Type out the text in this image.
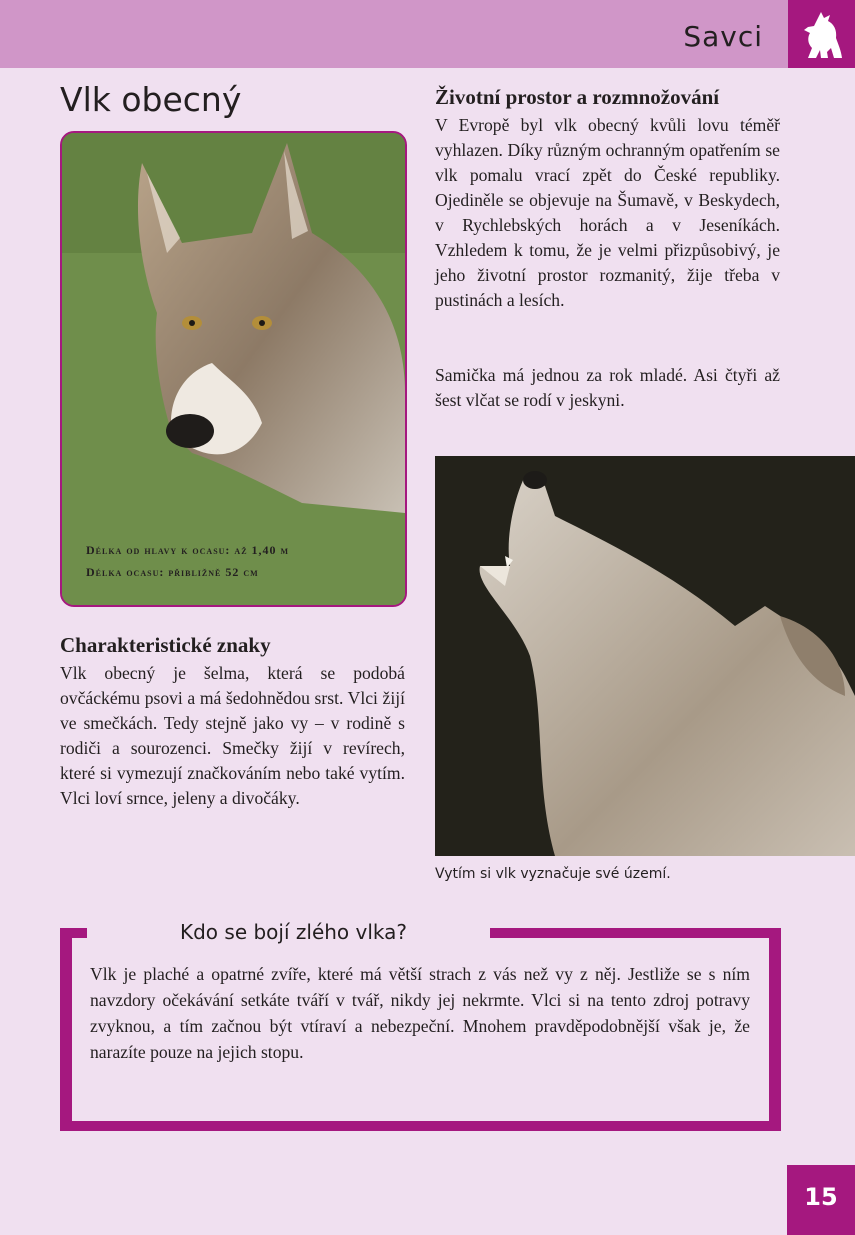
Savci
Vlk obecný
Délka od hlavy k ocasu: až 1,40 m
Délka ocasu: přibližně 52 cm
Životní prostor a rozmnožování

V Evropě byl vlk obecný kvůli lovu téměř vyhlazen. Díky různým ochranným opatřením se vlk pomalu vrací zpět do České republiky. Ojediněle se objevuje na Šumavě, v Beskydech, v Rychlebských horách a v Jeseníkách. Vzhledem k tomu, že je velmi přizpůsobivý, je jeho životní prostor rozmanitý, žije třeba v pustinách a lesích.

Samička má jednou za rok mladé. Asi čtyři až šest vlčat se rodí v jeskyni.

Charakteristické znaky

Vlk obecný je šelma, která se podobá ovčáckému psovi a má šedohnědou srst. Vlci žijí ve smečkách. Tedy stejně jako vy – v rodině s rodiči a sourozenci. Smečky žijí v revírech, které si vymezují značkováním nebo také vytím. Vlci loví srnce, jeleny a divočáky.

Vytím si vlk vyznačuje své území.
Kdo se bojí zlého vlka?

Vlk je plaché a opatrné zvíře, které má větší strach z vás než vy z něj. Jestliže se s ním navzdory očekávání setkáte tváří v tvář, nikdy jej nekrmte. Vlci si na tento zdroj potravy zvyknou, a tím začnou být vtíraví a nebezpeční. Mnohem pravděpodobnější však je, že narazíte pouze na jejich stopu.

15
